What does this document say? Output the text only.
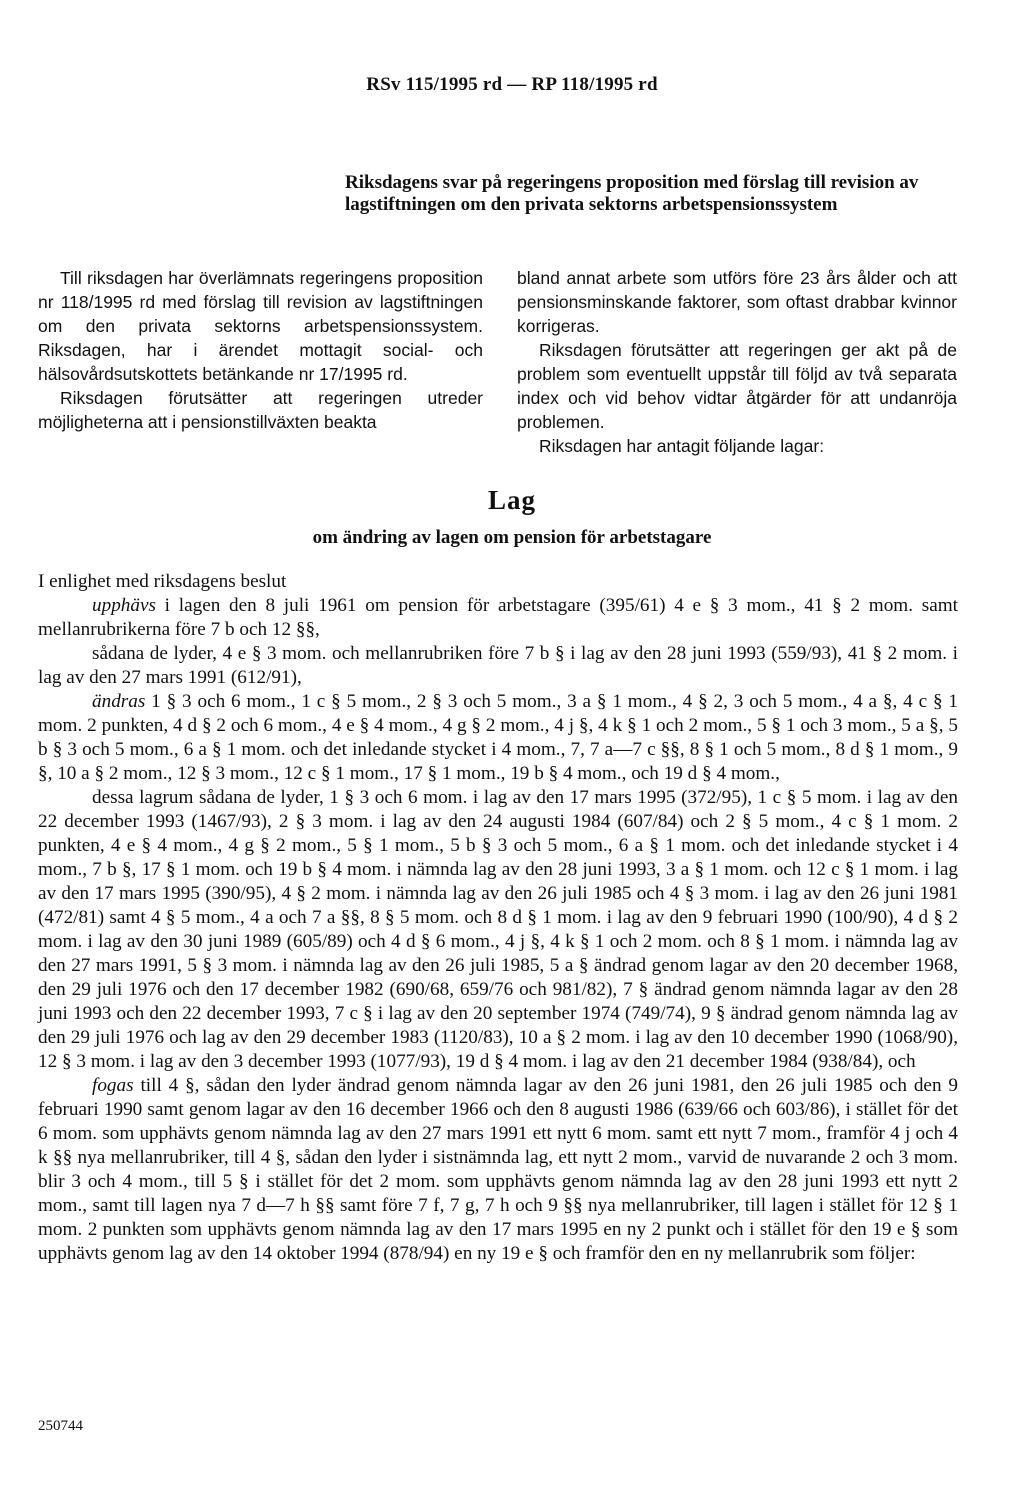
RSv 115/1995 rd — RP 118/1995 rd
Riksdagens svar på regeringens proposition med förslag till revision av lagstiftningen om den privata sektorns arbetspensionssystem

Till riksdagen har överlämnats regeringens proposition nr 118/1995 rd med förslag till revision av lagstiftningen om den privata sektorns arbetspensionssystem. Riksdagen, har i ärendet mottagit social- och hälsovårdsutskottets betänkande nr 17/1995 rd.

Riksdagen förutsätter att regeringen utreder möjligheterna att i pensionstillväxten beakta

bland annat arbete som utförs före 23 års ålder och att pensionsminskande faktorer, som oftast drabbar kvinnor korrigeras.

Riksdagen förutsätter att regeringen ger akt på de problem som eventuellt uppstår till följd av två separata index och vid behov vidtar åtgärder för att undanröja problemen.

Riksdagen har antagit följande lagar:

Lag
om ändring av lagen om pension för arbetstagare

I enlighet med riksdagens beslut

upphävs i lagen den 8 juli 1961 om pension för arbetstagare (395/61) 4 e § 3 mom., 41 § 2 mom. samt mellanrubrikerna före 7 b och 12 §§,

sådana de lyder, 4 e § 3 mom. och mellanrubriken före 7 b § i lag av den 28 juni 1993 (559/93), 41 § 2 mom. i lag av den 27 mars 1991 (612/91),

ändras 1 § 3 och 6 mom., 1 c § 5 mom., 2 § 3 och 5 mom., 3 a § 1 mom., 4 § 2, 3 och 5 mom., 4 a §, 4 c § 1 mom. 2 punkten, 4 d § 2 och 6 mom., 4 e § 4 mom., 4 g § 2 mom., 4 j §, 4 k § 1 och 2 mom., 5 § 1 och 3 mom., 5 a §, 5 b § 3 och 5 mom., 6 a § 1 mom. och det inledande stycket i 4 mom., 7, 7 a—7 c §§, 8 § 1 och 5 mom., 8 d § 1 mom., 9 §, 10 a § 2 mom., 12 § 3 mom., 12 c § 1 mom., 17 § 1 mom., 19 b § 4 mom., och 19 d § 4 mom.,

dessa lagrum sådana de lyder, 1 § 3 och 6 mom. i lag av den 17 mars 1995 (372/95), 1 c § 5 mom. i lag av den 22 december 1993 (1467/93), 2 § 3 mom. i lag av den 24 augusti 1984 (607/84) och 2 § 5 mom., 4 c § 1 mom. 2 punkten, 4 e § 4 mom., 4 g § 2 mom., 5 § 1 mom., 5 b § 3 och 5 mom., 6 a § 1 mom. och det inledande stycket i 4 mom., 7 b §, 17 § 1 mom. och 19 b § 4 mom. i nämnda lag av den 28 juni 1993, 3 a § 1 mom. och 12 c § 1 mom. i lag av den 17 mars 1995 (390/95), 4 § 2 mom. i nämnda lag av den 26 juli 1985 och 4 § 3 mom. i lag av den 26 juni 1981 (472/81) samt 4 § 5 mom., 4 a och 7 a §§, 8 § 5 mom. och 8 d § 1 mom. i lag av den 9 februari 1990 (100/90), 4 d § 2 mom. i lag av den 30 juni 1989 (605/89) och 4 d § 6 mom., 4 j §, 4 k § 1 och 2 mom. och 8 § 1 mom. i nämnda lag av den 27 mars 1991, 5 § 3 mom. i nämnda lag av den 26 juli 1985, 5 a § ändrad genom lagar av den 20 december 1968, den 29 juli 1976 och den 17 december 1982 (690/68, 659/76 och 981/82), 7 § ändrad genom nämnda lagar av den 28 juni 1993 och den 22 december 1993, 7 c § i lag av den 20 september 1974 (749/74), 9 § ändrad genom nämnda lag av den 29 juli 1976 och lag av den 29 december 1983 (1120/83), 10 a § 2 mom. i lag av den 10 december 1990 (1068/90), 12 § 3 mom. i lag av den 3 december 1993 (1077/93), 19 d § 4 mom. i lag av den 21 december 1984 (938/84), och

fogas till 4 §, sådan den lyder ändrad genom nämnda lagar av den 26 juni 1981, den 26 juli 1985 och den 9 februari 1990 samt genom lagar av den 16 december 1966 och den 8 augusti 1986 (639/66 och 603/86), i stället för det 6 mom. som upphävts genom nämnda lag av den 27 mars 1991 ett nytt 6 mom. samt ett nytt 7 mom., framför 4 j och 4 k §§ nya mellanrubriker, till 4 §, sådan den lyder i sistnämnda lag, ett nytt 2 mom., varvid de nuvarande 2 och 3 mom. blir 3 och 4 mom., till 5 § i stället för det 2 mom. som upphävts genom nämnda lag av den 28 juni 1993 ett nytt 2 mom., samt till lagen nya 7 d—7 h §§ samt före 7 f, 7 g, 7 h och 9 §§ nya mellanrubriker, till lagen i stället för 12 § 1 mom. 2 punkten som upphävts genom nämnda lag av den 17 mars 1995 en ny 2 punkt och i stället för den 19 e § som upphävts genom lag av den 14 oktober 1994 (878/94) en ny 19 e § och framför den en ny mellanrubrik som följer:

250744
